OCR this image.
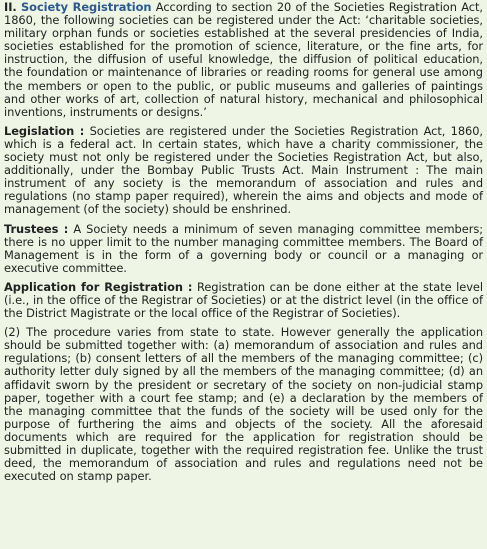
II. Society Registration According to section 20 of the Societies Registration Act, 1860, the following societies can be registered under the Act: ‘charitable societies, military orphan funds or societies established at the several presidencies of India, societies established for the promotion of science, literature, or the fine arts, for instruction, the diffusion of useful knowledge, the diffusion of political education, the foundation or maintenance of libraries or reading rooms for general use among the members or open to the public, or public museums and galleries of paintings and other works of art, collection of natural history, mechanical and philosophical inventions, instruments or designs.’

Legislation : Societies are registered under the Societies Registration Act, 1860, which is a federal act. In certain states, which have a charity commissioner, the society must not only be registered under the Societies Registration Act, but also, additionally, under the Bombay Public Trusts Act. Main Instrument : The main instrument of any society is the memorandum of association and rules and regulations (no stamp paper required), wherein the aims and objects and mode of management (of the society) should be enshrined.

Trustees : A Society needs a minimum of seven managing committee members; there is no upper limit to the number managing committee members. The Board of Management is in the form of a governing body or council or a managing or executive committee.

Application for Registration : Registration can be done either at the state level (i.e., in the office of the Registrar of Societies) or at the district level (in the office of the District Magistrate or the local office of the Registrar of Societies).

(2) The procedure varies from state to state. However generally the application should be submitted together with: (a) memorandum of association and rules and regulations; (b) consent letters of all the members of the managing committee; (c) authority letter duly signed by all the members of the managing committee; (d) an affidavit sworn by the president or secretary of the society on non-judicial stamp paper, together with a court fee stamp; and (e) a declaration by the members of the managing committee that the funds of the society will be used only for the purpose of furthering the aims and objects of the society. All the aforesaid documents which are required for the application for registration should be submitted in duplicate, together with the required registration fee. Unlike the trust deed, the memorandum of association and rules and regulations need not be executed on stamp paper.
